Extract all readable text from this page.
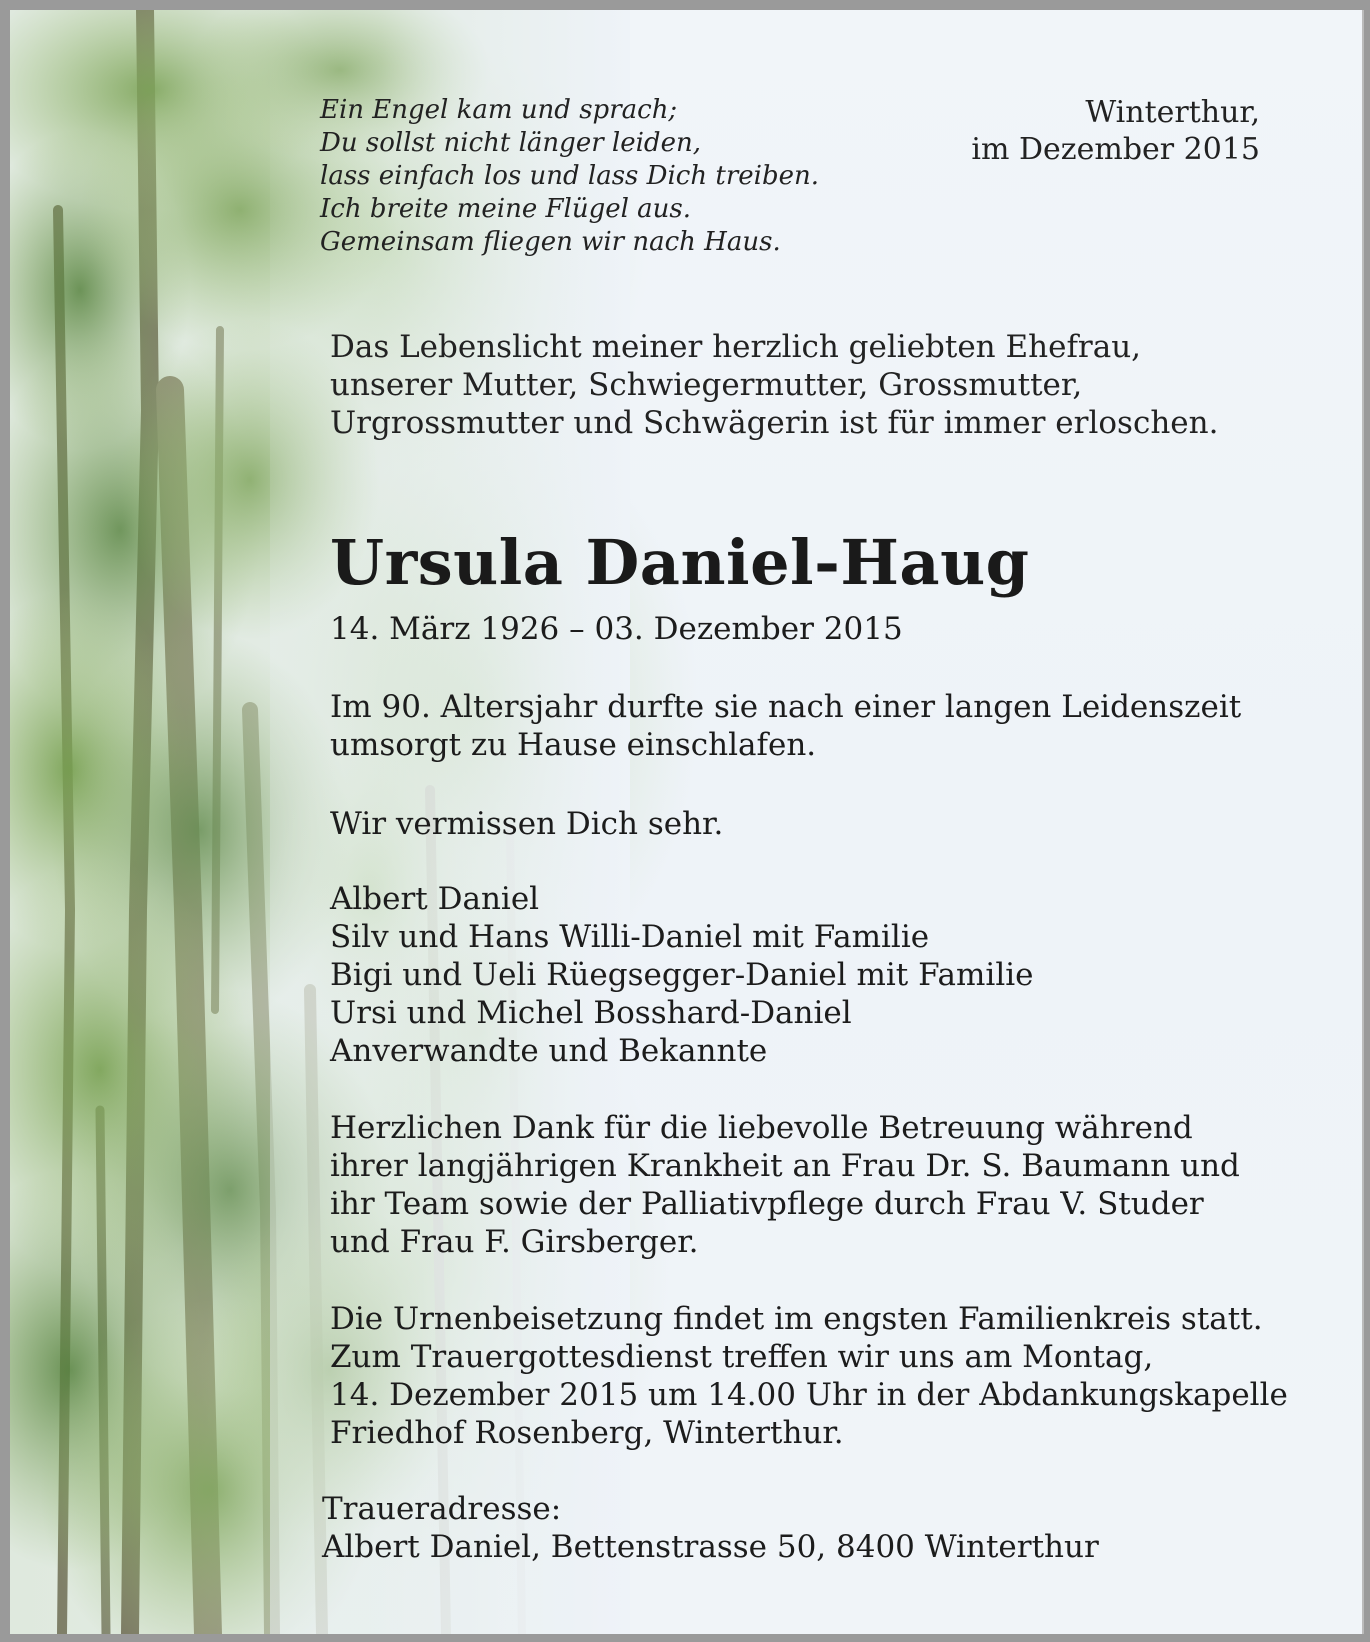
Ein Engel kam und sprach;
Du sollst nicht länger leiden,
lass einfach los und lass Dich treiben.
Ich breite meine Flügel aus.
Gemeinsam fliegen wir nach Haus.
Winterthur,
im Dezember 2015
Das Lebenslicht meiner herzlich geliebten Ehefrau,
unserer Mutter, Schwiegermutter, Grossmutter,
Urgrossmutter und Schwägerin ist für immer erloschen.
Ursula Daniel-Haug
14. März 1926 – 03. Dezember 2015
Im 90. Altersjahr durfte sie nach einer langen Leidenszeit
umsorgt zu Hause einschlafen.
Wir vermissen Dich sehr.
Albert Daniel
Silv und Hans Willi-Daniel mit Familie
Bigi und Ueli Rüegsegger-Daniel mit Familie
Ursi und Michel Bosshard-Daniel
Anverwandte und Bekannte
Herzlichen Dank für die liebevolle Betreuung während
ihrer langjährigen Krankheit an Frau Dr. S. Baumann und
ihr Team sowie der Palliativpflege durch Frau V. Studer
und Frau F. Girsberger.
Die Urnenbeisetzung findet im engsten Familienkreis statt.
Zum Trauergottesdienst treffen wir uns am Montag,
14. Dezember 2015 um 14.00 Uhr in der Abdankungskapelle
Friedhof Rosenberg, Winterthur.
Traueradresse:
Albert Daniel, Bettenstrasse 50, 8400 Winterthur
